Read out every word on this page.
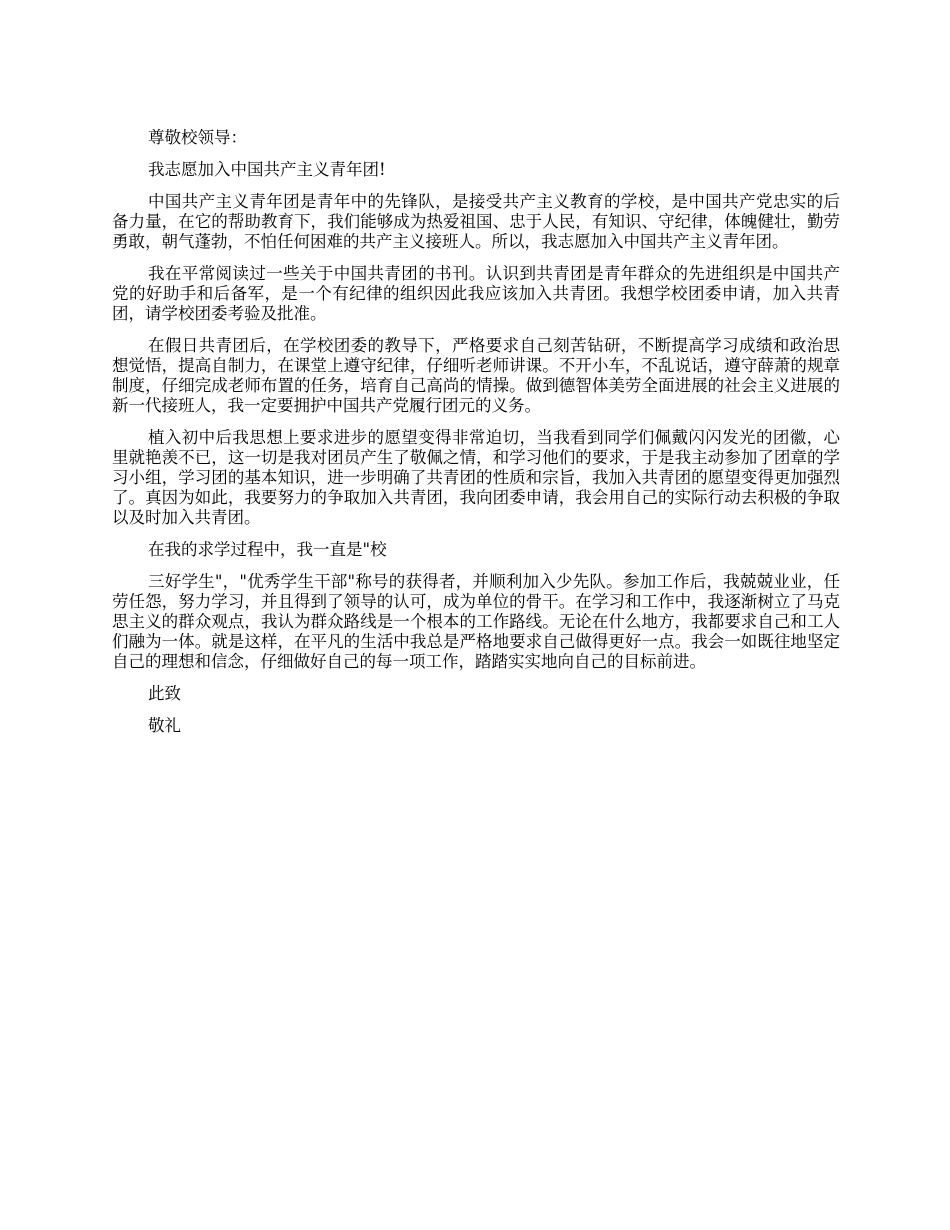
尊敬校领导：

我志愿加入中国共产主义青年团!

中国共产主义青年团是青年中的先锋队，是接受共产主义教育的学校，是中国共产党忠实的后备力量，在它的帮助教育下，我们能够成为热爱祖国、忠于人民，有知识、守纪律，体魄健壮，勤劳勇敢，朝气蓬勃，不怕任何困难的共产主义接班人。所以，我志愿加入中国共产主义青年团。

我在平常阅读过一些关于中国共青团的书刊。认识到共青团是青年群众的先进组织是中国共产党的好助手和后备军，是一个有纪律的组织因此我应该加入共青团。我想学校团委申请，加入共青团，请学校团委考验及批准。

在假日共青团后，在学校团委的教导下，严格要求自己刻苦钻研，不断提高学习成绩和政治思想觉悟，提高自制力，在课堂上遵守纪律，仔细听老师讲课。不开小车，不乱说话，遵守薛萧的规章制度，仔细完成老师布置的任务，培育自己高尚的情操。做到德智体美劳全面进展的社会主义进展的新一代接班人，我一定要拥护中国共产党履行团元的义务。

植入初中后我思想上要求进步的愿望变得非常迫切，当我看到同学们佩戴闪闪发光的团徽，心里就艳羡不已，这一切是我对团员产生了敬佩之情，和学习他们的要求，于是我主动参加了团章的学习小组，学习团的基本知识，进一步明确了共青团的性质和宗旨，我加入共青团的愿望变得更加强烈了。真因为如此，我要努力的争取加入共青团，我向团委申请，我会用自己的实际行动去积极的争取以及时加入共青团。

在我的求学过程中，我一直是"校

三好学生"，"优秀学生干部"称号的获得者，并顺利加入少先队。参加工作后，我兢兢业业，任劳任怨，努力学习，并且得到了领导的认可，成为单位的骨干。在学习和工作中，我逐渐树立了马克思主义的群众观点，我认为群众路线是一个根本的工作路线。无论在什么地方，我都要求自己和工人们融为一体。就是这样，在平凡的生活中我总是严格地要求自己做得更好一点。我会一如既往地坚定自己的理想和信念，仔细做好自己的每一项工作，踏踏实实地向自己的目标前进。

此致

敬礼
